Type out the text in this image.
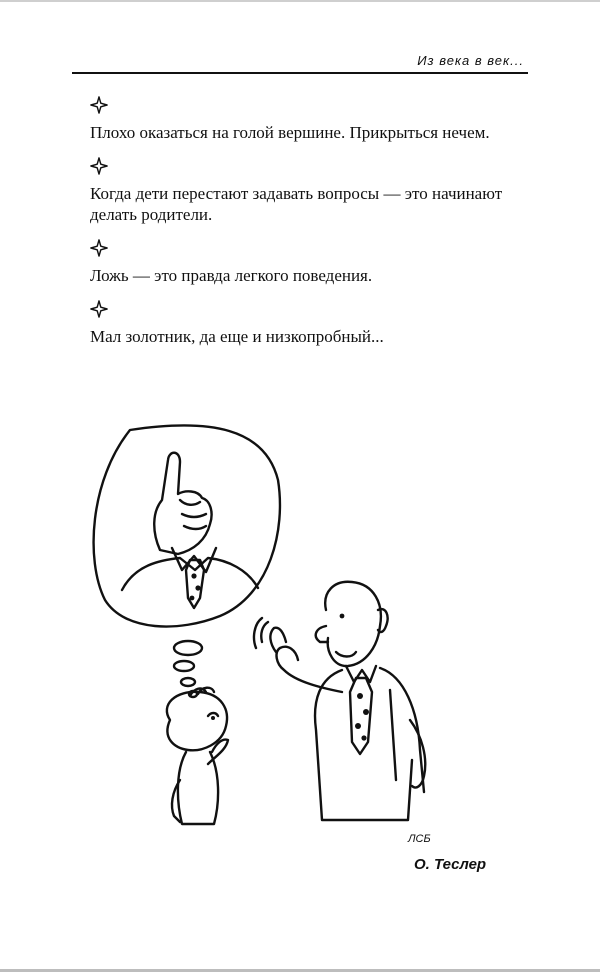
Из века в век...

Плохо оказаться на голой вершине. Прикрыться нечем.

Когда дети перестают задавать вопросы — это начинают делать родители.

Ложь — это правда легкого поведения.

Мал золотник, да еще и низкопробный...

ЛСБ
О. Теслер
